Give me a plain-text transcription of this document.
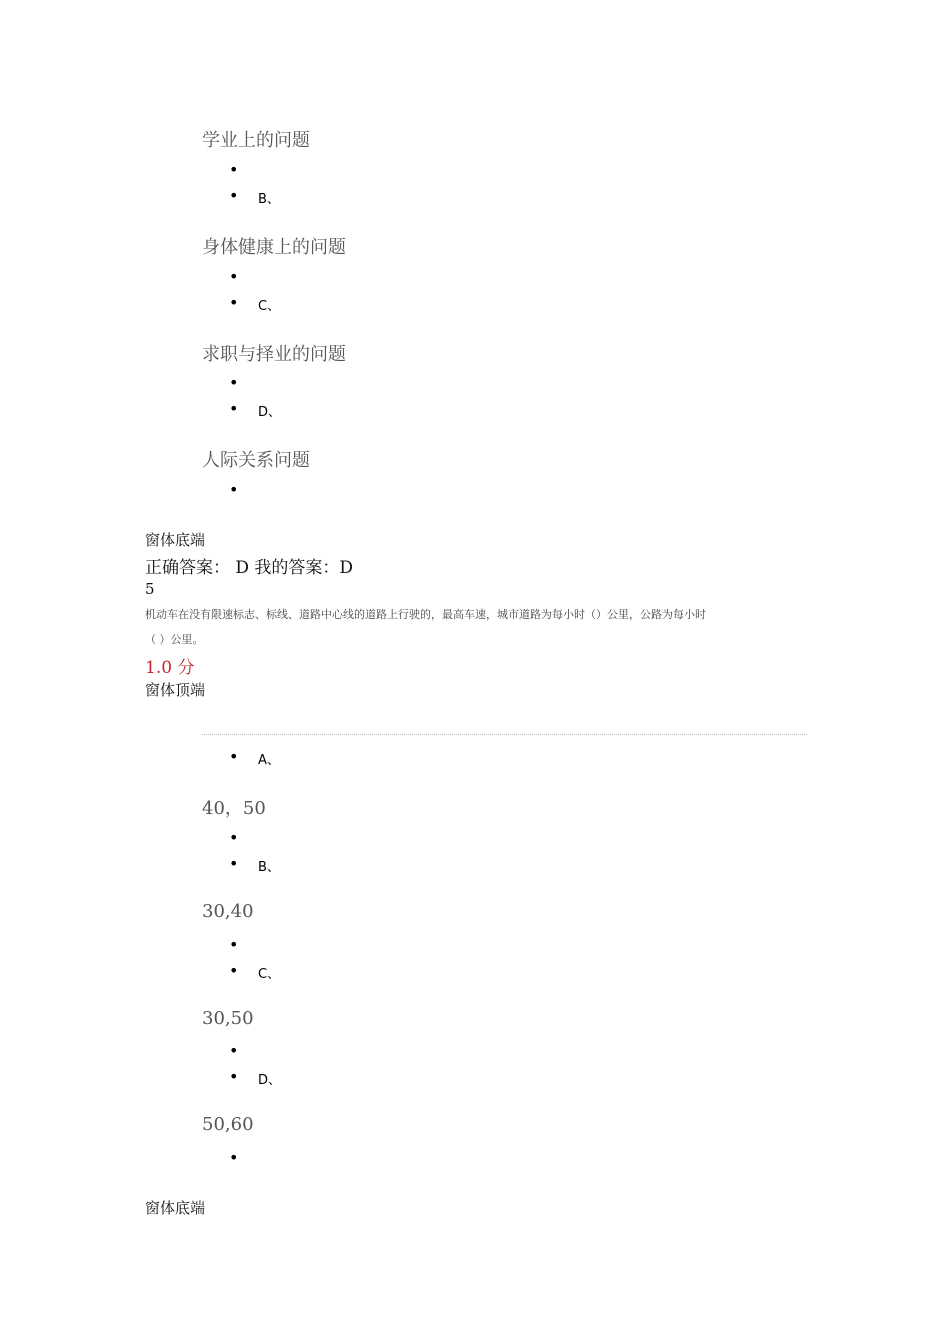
学业上的问题
•
• B、
身体健康上的问题
•
• C、
求职与择业的问题
•
• D、
人际关系问题
•
窗体底端
正确答案： D 我的答案：D
5
机动车在没有限速标志、标线、道路中心线的道路上行驶的，最高车速，城市道路为每小时（）公里，公路为每小时
（ ）公里。
1.0 分
窗体顶端
• A、
40，50
•
• B、
30,40
•
• C、
30,50
•
• D、
50,60
•
窗体底端
